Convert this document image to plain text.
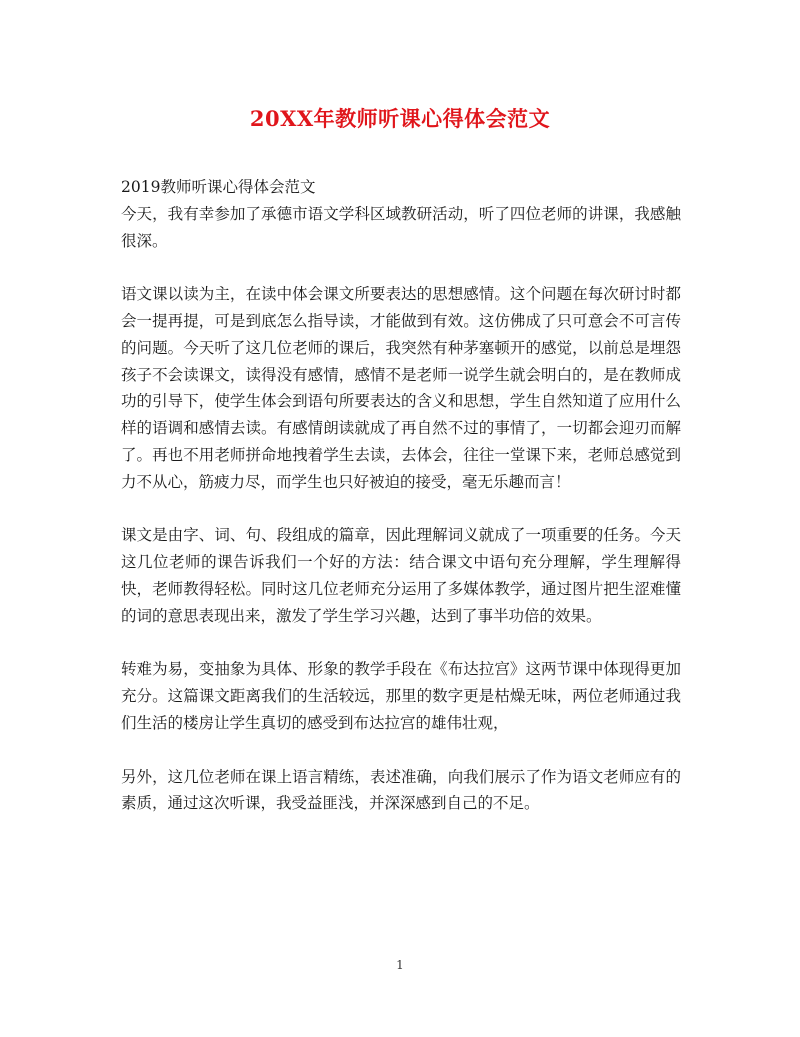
20XX年教师听课心得体会范文

2019教师听课心得体会范文

今天，我有幸参加了承德市语文学科区域教研活动，听了四位老师的讲课，我感触很深。

语文课以读为主，在读中体会课文所要表达的思想感情。这个问题在每次研讨时都会一提再提，可是到底怎么指导读，才能做到有效。这仿佛成了只可意会不可言传的问题。今天听了这几位老师的课后，我突然有种茅塞顿开的感觉，以前总是埋怨孩子不会读课文，读得没有感情，感情不是老师一说学生就会明白的，是在教师成功的引导下，使学生体会到语句所要表达的含义和思想，学生自然知道了应用什么样的语调和感情去读。有感情朗读就成了再自然不过的事情了，一切都会迎刃而解了。再也不用老师拼命地拽着学生去读，去体会，往往一堂课下来，老师总感觉到力不从心，筋疲力尽，而学生也只好被迫的接受，毫无乐趣而言！

课文是由字、词、句、段组成的篇章，因此理解词义就成了一项重要的任务。今天这几位老师的课告诉我们一个好的方法：结合课文中语句充分理解，学生理解得快，老师教得轻松。同时这几位老师充分运用了多媒体教学，通过图片把生涩难懂的词的意思表现出来，激发了学生学习兴趣，达到了事半功倍的效果。

转难为易，变抽象为具体、形象的教学手段在《布达拉宫》这两节课中体现得更加充分。这篇课文距离我们的生活较远，那里的数字更是枯燥无味，两位老师通过我们生活的楼房让学生真切的感受到布达拉宫的雄伟壮观，

另外，这几位老师在课上语言精练，表述准确，向我们展示了作为语文老师应有的素质，通过这次听课，我受益匪浅，并深深感到自己的不足。

1
